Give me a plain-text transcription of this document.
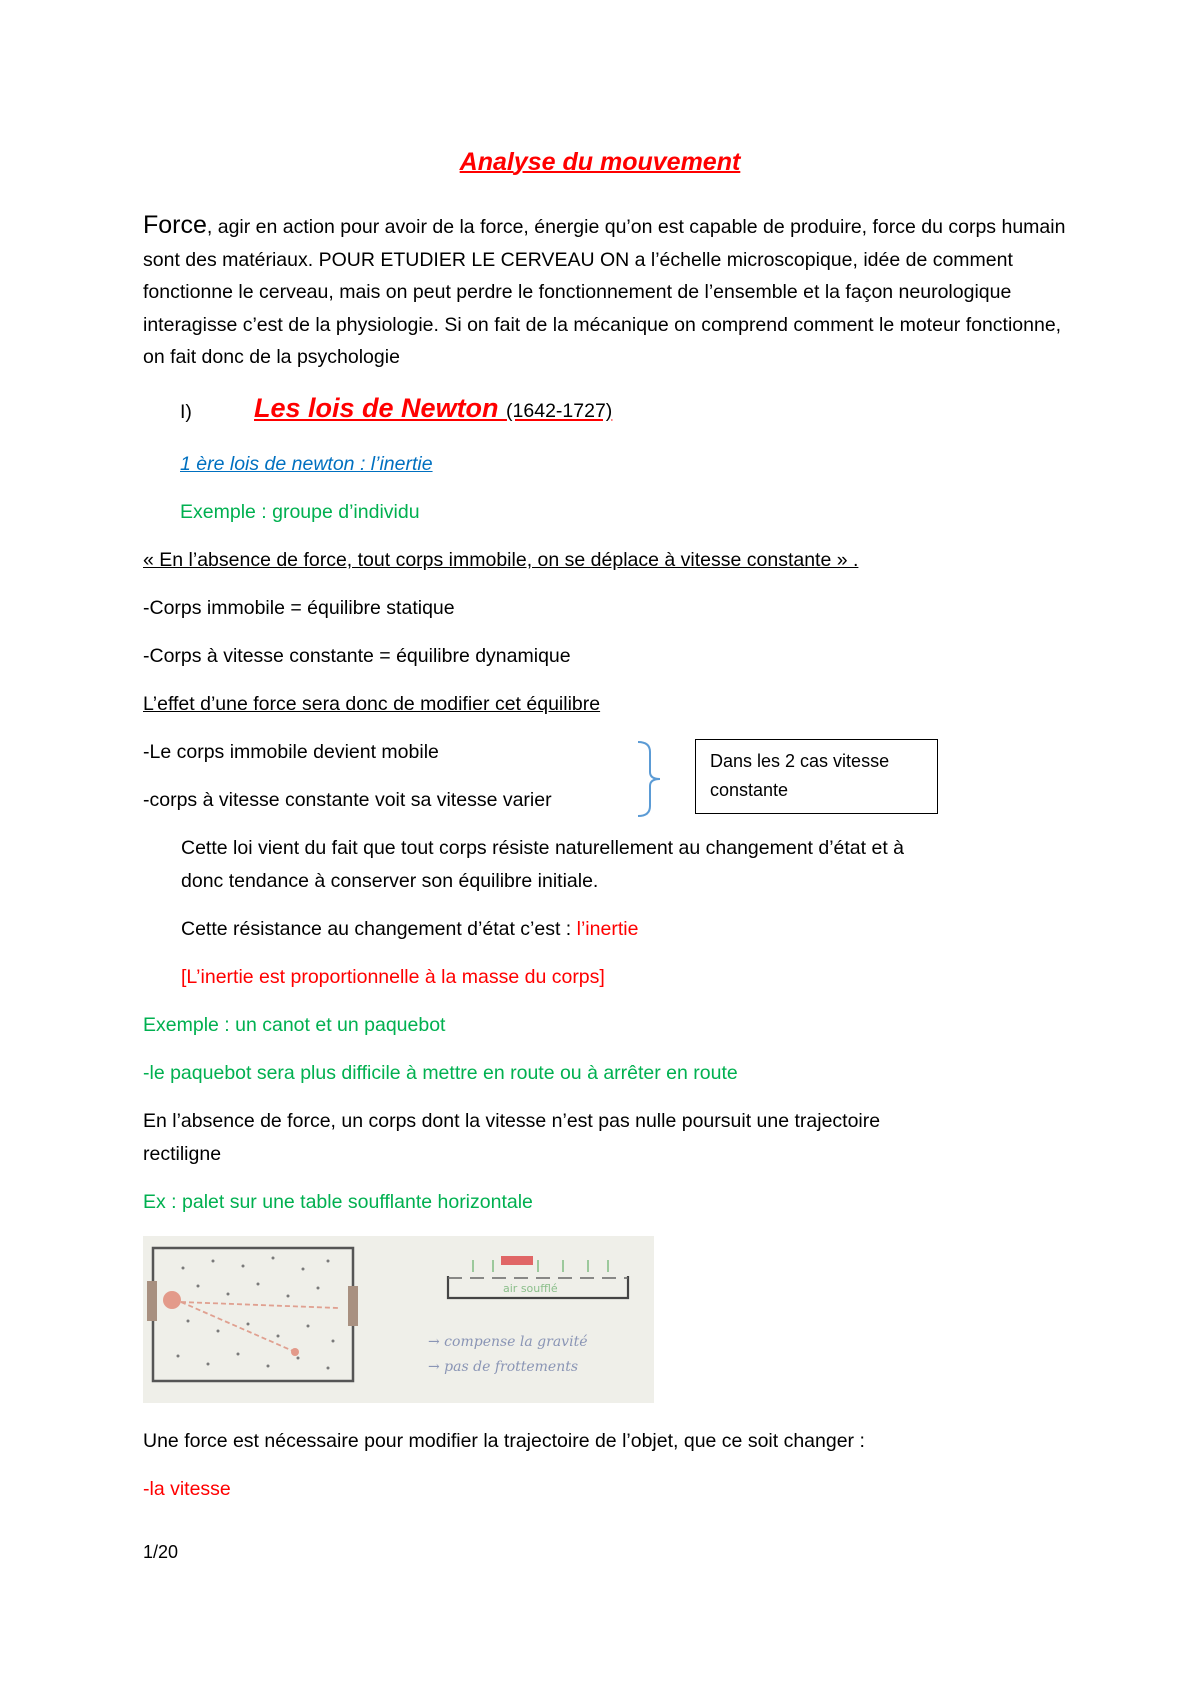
Analyse du mouvement
Force, agir en action pour avoir de la force, énergie qu’on est capable de produire, force du corps humain sont des matériaux. POUR ETUDIER LE CERVEAU ON a l’échelle microscopique, idée de comment fonctionne le cerveau, mais on peut perdre le fonctionnement de l’ensemble et la façon neurologique interagisse c’est de la physiologie. Si on fait de la mécanique on comprend comment le moteur fonctionne, on fait donc de la psychologie
I) Les lois de Newton (1642-1727)
1 ère lois de newton : l’inertie
Exemple : groupe d’individu
« En l’absence de force, tout corps immobile, on se déplace à vitesse constante » .
-Corps immobile = équilibre statique
-Corps à vitesse constante = équilibre dynamique
L’effet d’une force sera donc de modifier cet équilibre
-Le corps immobile devient mobile
-corps à vitesse constante voit sa vitesse varier
Dans les 2 cas vitesse constante
Cette loi vient du fait que tout corps résiste naturellement au changement d’état et à
donc tendance à conserver son équilibre initiale.
Cette résistance au changement d’état c’est : l’inertie
[L’inertie est proportionnelle à la masse du corps]
Exemple : un canot et un paquebot
-le paquebot sera plus difficile à mettre en route ou à arrêter en route
En l’absence de force, un corps dont la vitesse n’est pas nulle poursuit une trajectoire
rectiligne
Ex : palet sur une table soufflante horizontale
air soufflé
→ compense la gravité
→ pas de frottements
Une force est nécessaire pour modifier la trajectoire de l’objet, que ce soit changer :
-la vitesse
1/20
